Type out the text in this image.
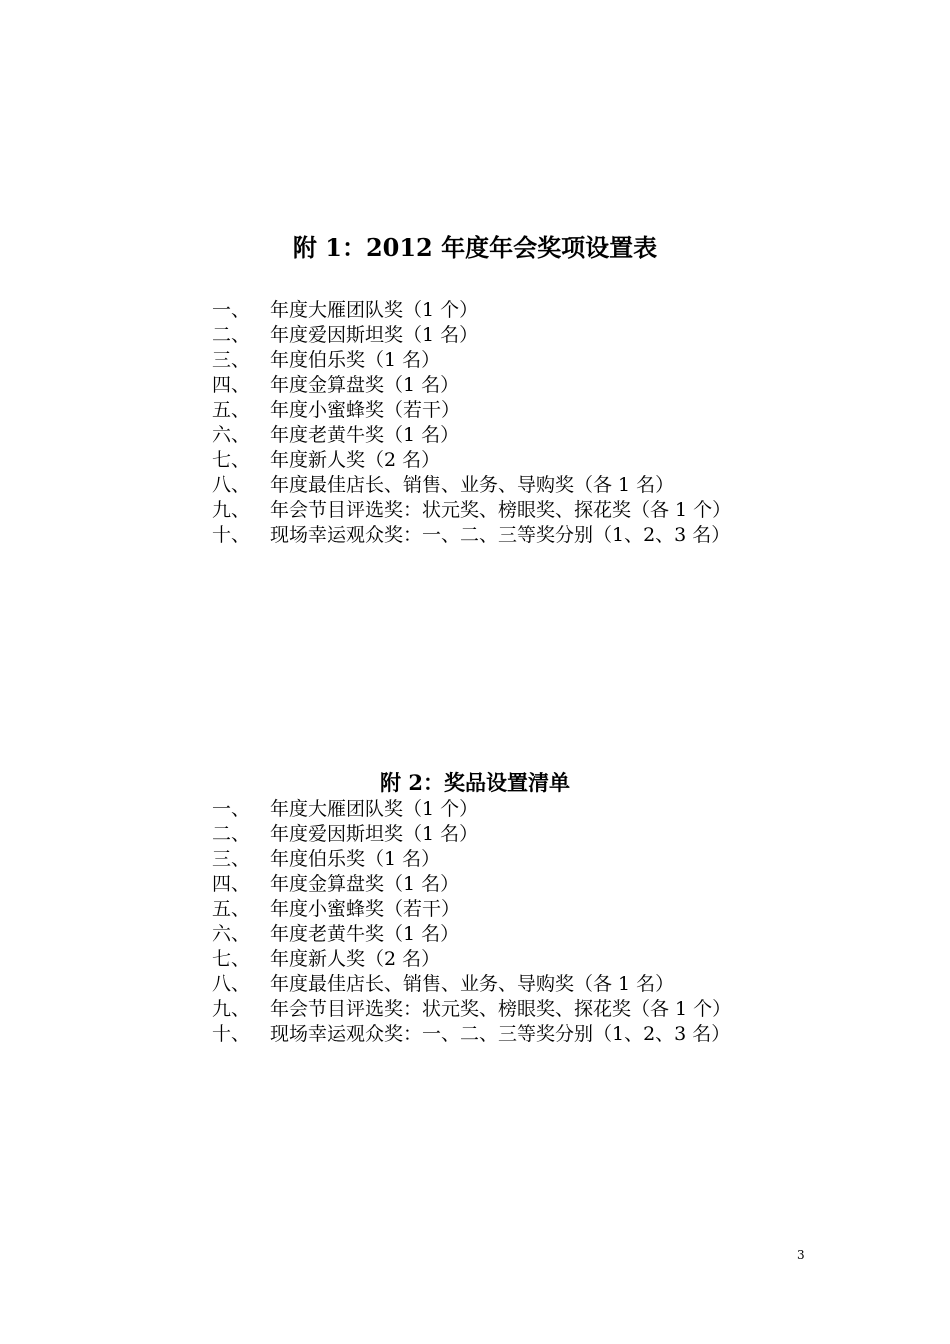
附 1：2012 年度年会奖项设置表
一、	年度大雁团队奖（1 个）
二、	年度爱因斯坦奖（1 名）
三、	年度伯乐奖（1 名）
四、	年度金算盘奖（1 名）
五、	年度小蜜蜂奖（若干）
六、	年度老黄牛奖（1 名）
七、	年度新人奖（2 名）
八、	年度最佳店长、销售、业务、导购奖（各 1 名）
九、	年会节目评选奖：状元奖、榜眼奖、探花奖（各 1 个）
十、	现场幸运观众奖：一、二、三等奖分别（1、2、3 名）
附 2：奖品设置清单
一、	年度大雁团队奖（1 个）
二、	年度爱因斯坦奖（1 名）
三、	年度伯乐奖（1 名）
四、	年度金算盘奖（1 名）
五、	年度小蜜蜂奖（若干）
六、	年度老黄牛奖（1 名）
七、	年度新人奖（2 名）
八、	年度最佳店长、销售、业务、导购奖（各 1 名）
九、	年会节目评选奖：状元奖、榜眼奖、探花奖（各 1 个）
十、	现场幸运观众奖：一、二、三等奖分别（1、2、3 名）
3
